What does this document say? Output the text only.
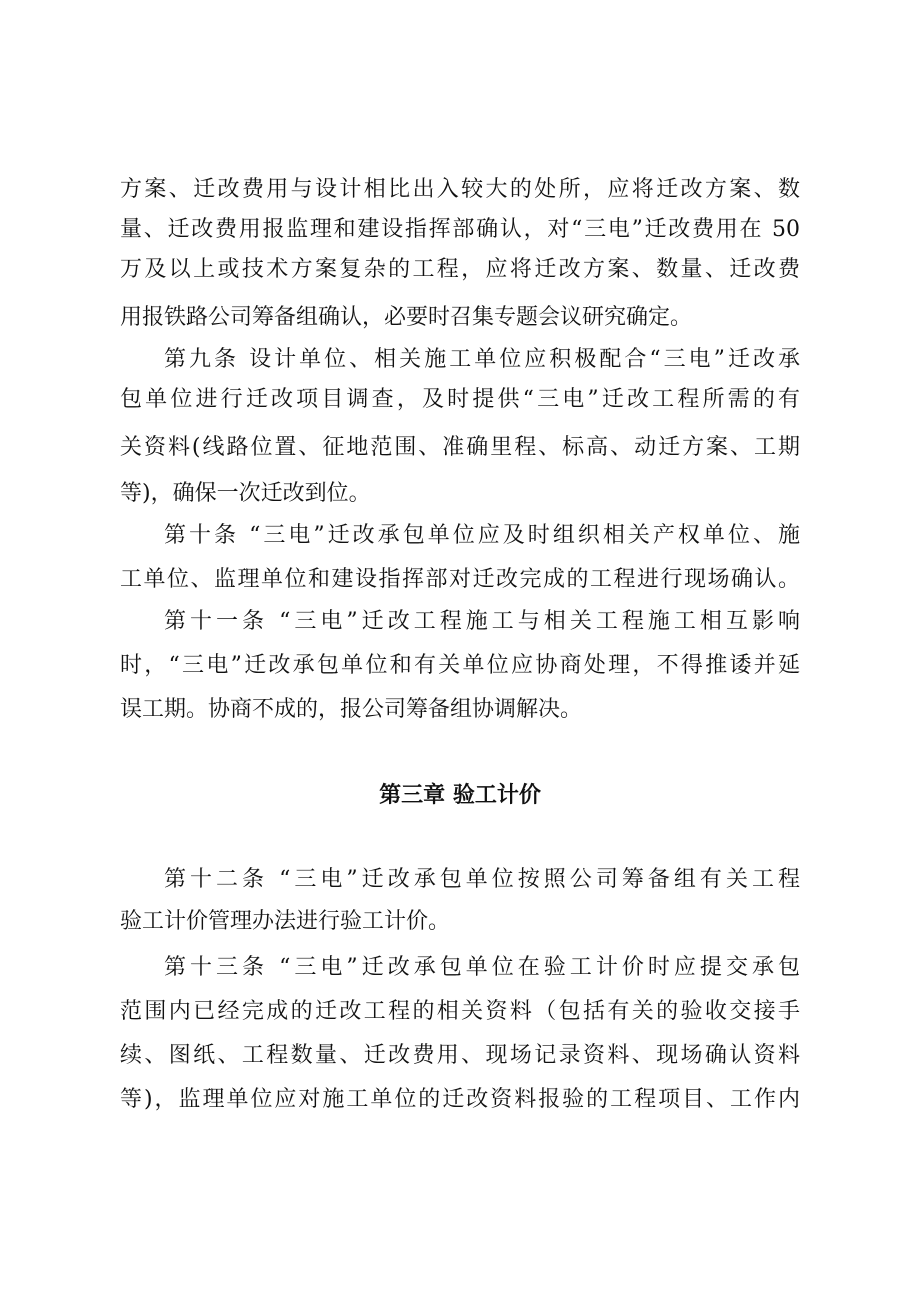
方案、迁改费用与设计相比出入较大的处所，应将迁改方案、数
量、迁改费用报监理和建设指挥部确认，对“三电”迁改费用在 50
万及以上或技术方案复杂的工程，应将迁改方案、数量、迁改费
用报铁路公司筹备组确认，必要时召集专题会议研究确定。
第九条 设计单位、相关施工单位应积极配合“三电”迁改承
包单位进行迁改项目调查，及时提供“三电”迁改工程所需的有
关资料(线路位置、征地范围、准确里程、标高、动迁方案、工期
等)，确保一次迁改到位。
第十条 “三电”迁改承包单位应及时组织相关产权单位、施
工单位、监理单位和建设指挥部对迁改完成的工程进行现场确认。
第十一条 “三电”迁改工程施工与相关工程施工相互影响
时，“三电”迁改承包单位和有关单位应协商处理，不得推诿并延
误工期。协商不成的，报公司筹备组协调解决。
第三章 验工计价
第十二条 “三电”迁改承包单位按照公司筹备组有关工程
验工计价管理办法进行验工计价。
第十三条 “三电”迁改承包单位在验工计价时应提交承包
范围内已经完成的迁改工程的相关资料（包括有关的验收交接手
续、图纸、工程数量、迁改费用、现场记录资料、现场确认资料
等)，监理单位应对施工单位的迁改资料报验的工程项目、工作内
